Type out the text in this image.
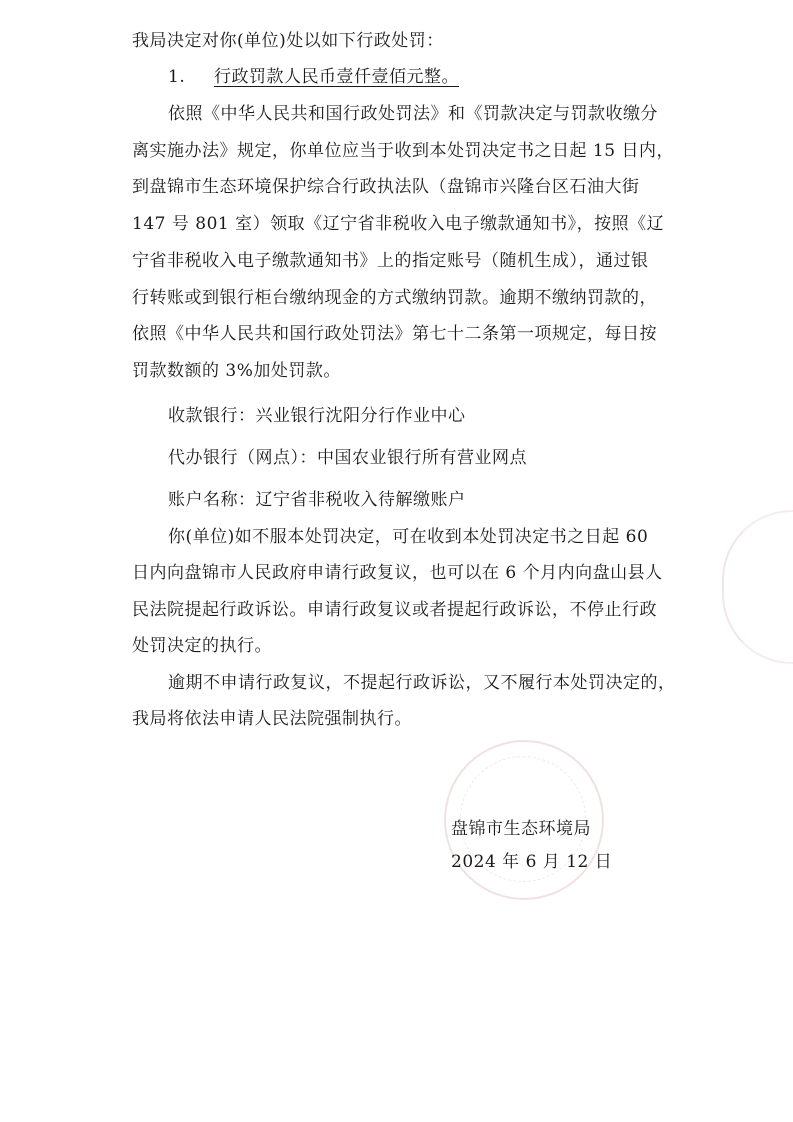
我局决定对你(单位)处以如下行政处罚：
1. 行政罚款人民币壹仟壹佰元整。
依照《中华人民共和国行政处罚法》和《罚款决定与罚款收缴分
离实施办法》规定，你单位应当于收到本处罚决定书之日起 15 日内，
到盘锦市生态环境保护综合行政执法队（盘锦市兴隆台区石油大街
147 号 801 室）领取《辽宁省非税收入电子缴款通知书》，按照《辽
宁省非税收入电子缴款通知书》上的指定账号（随机生成），通过银
行转账或到银行柜台缴纳现金的方式缴纳罚款。逾期不缴纳罚款的，
依照《中华人民共和国行政处罚法》第七十二条第一项规定，每日按
罚款数额的 3%加处罚款。
收款银行：兴业银行沈阳分行作业中心
代办银行（网点）：中国农业银行所有营业网点
账户名称：辽宁省非税收入待解缴账户
你(单位)如不服本处罚决定，可在收到本处罚决定书之日起 60
日内向盘锦市人民政府申请行政复议，也可以在 6 个月内向盘山县人
民法院提起行政诉讼。申请行政复议或者提起行政诉讼，不停止行政
处罚决定的执行。
逾期不申请行政复议，不提起行政诉讼，又不履行本处罚决定的，
我局将依法申请人民法院强制执行。
盘锦市生态环境局
2024 年 6 月 12 日
